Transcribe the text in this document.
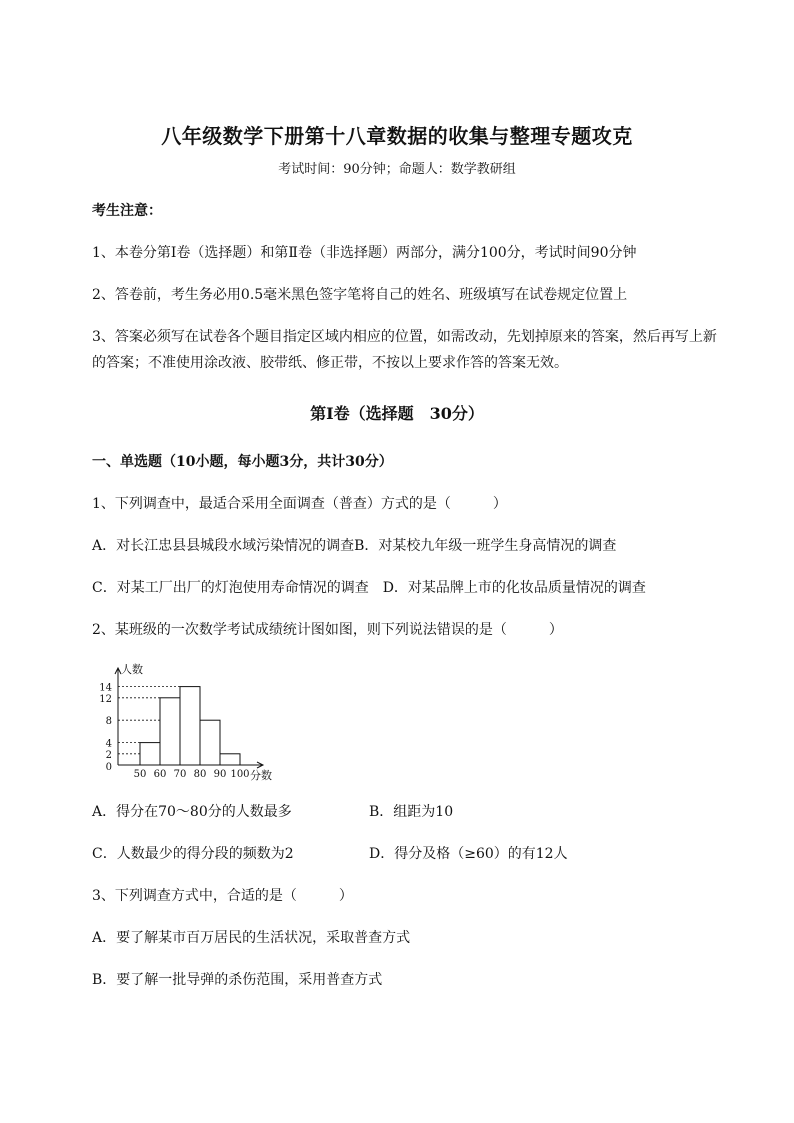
八年级数学下册第十八章数据的收集与整理专题攻克
考试时间：90分钟；命题人：数学教研组
考生注意：
1、本卷分第Ⅰ卷（选择题）和第Ⅱ卷（非选择题）两部分，满分100分，考试时间90分钟
2、答卷前，考生务必用0.5毫米黑色签字笔将自己的姓名、班级填写在试卷规定位置上
3、答案必须写在试卷各个题目指定区域内相应的位置，如需改动，先划掉原来的答案，然后再写上新
的答案；不准使用涂改液、胶带纸、修正带，不按以上要求作答的答案无效。
第Ⅰ卷（选择题　30分）
一、单选题（10小题，每小题3分，共计30分）
1、下列调查中，最适合采用全面调查（普查）方式的是（　　　）
A．对长江忠县县城段水域污染情况的调查B．对某校九年级一班学生身高情况的调查
C．对某工厂出厂的灯泡使用寿命情况的调查　D．对某品牌上市的化妆品质量情况的调查
2、某班级的一次数学考试成绩统计图如图，则下列说法错误的是（　　　）
0
2
4
8
12
14
50 60 70 80 90 100
人数
分数
A．得分在70～80分的人数最多	B．组距为10
C．人数最少的得分段的频数为2	D．得分及格（≥60）的有12人
3、下列调查方式中，合适的是（　　　）
A．要了解某市百万居民的生活状况，采取普查方式
B．要了解一批导弹的杀伤范围，采用普查方式
